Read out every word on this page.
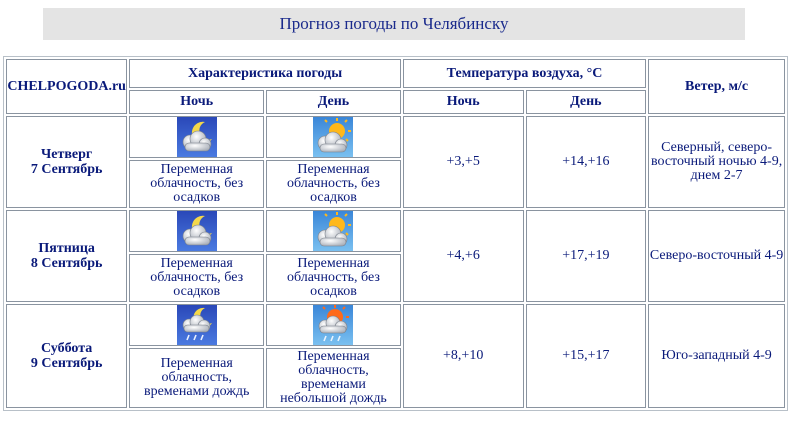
Прогноз погоды по Челябинску
CHELPOGODA.ru	Характеристика погоды		Температура воздуха, °C		Ветер, м/с
	Ночь	День	Ночь	День	

Четверг
7 Сентябрь			+3,+5	+14,+16	Северный, северо-восточный ночью 4-9, днем 2-7
	Переменная облачность, без осадков	Переменная облачность, без осадков			

Пятница
8 Сентябрь			+4,+6	+17,+19	Северо-восточный 4-9
	Переменная облачность, без осадков	Переменная облачность, без осадков			

Суббота
9 Сентябрь			+8,+10	+15,+17	Юго-западный 4-9
	Переменная облачность, временами дождь	Переменная облачность, временами небольшой дождь			
